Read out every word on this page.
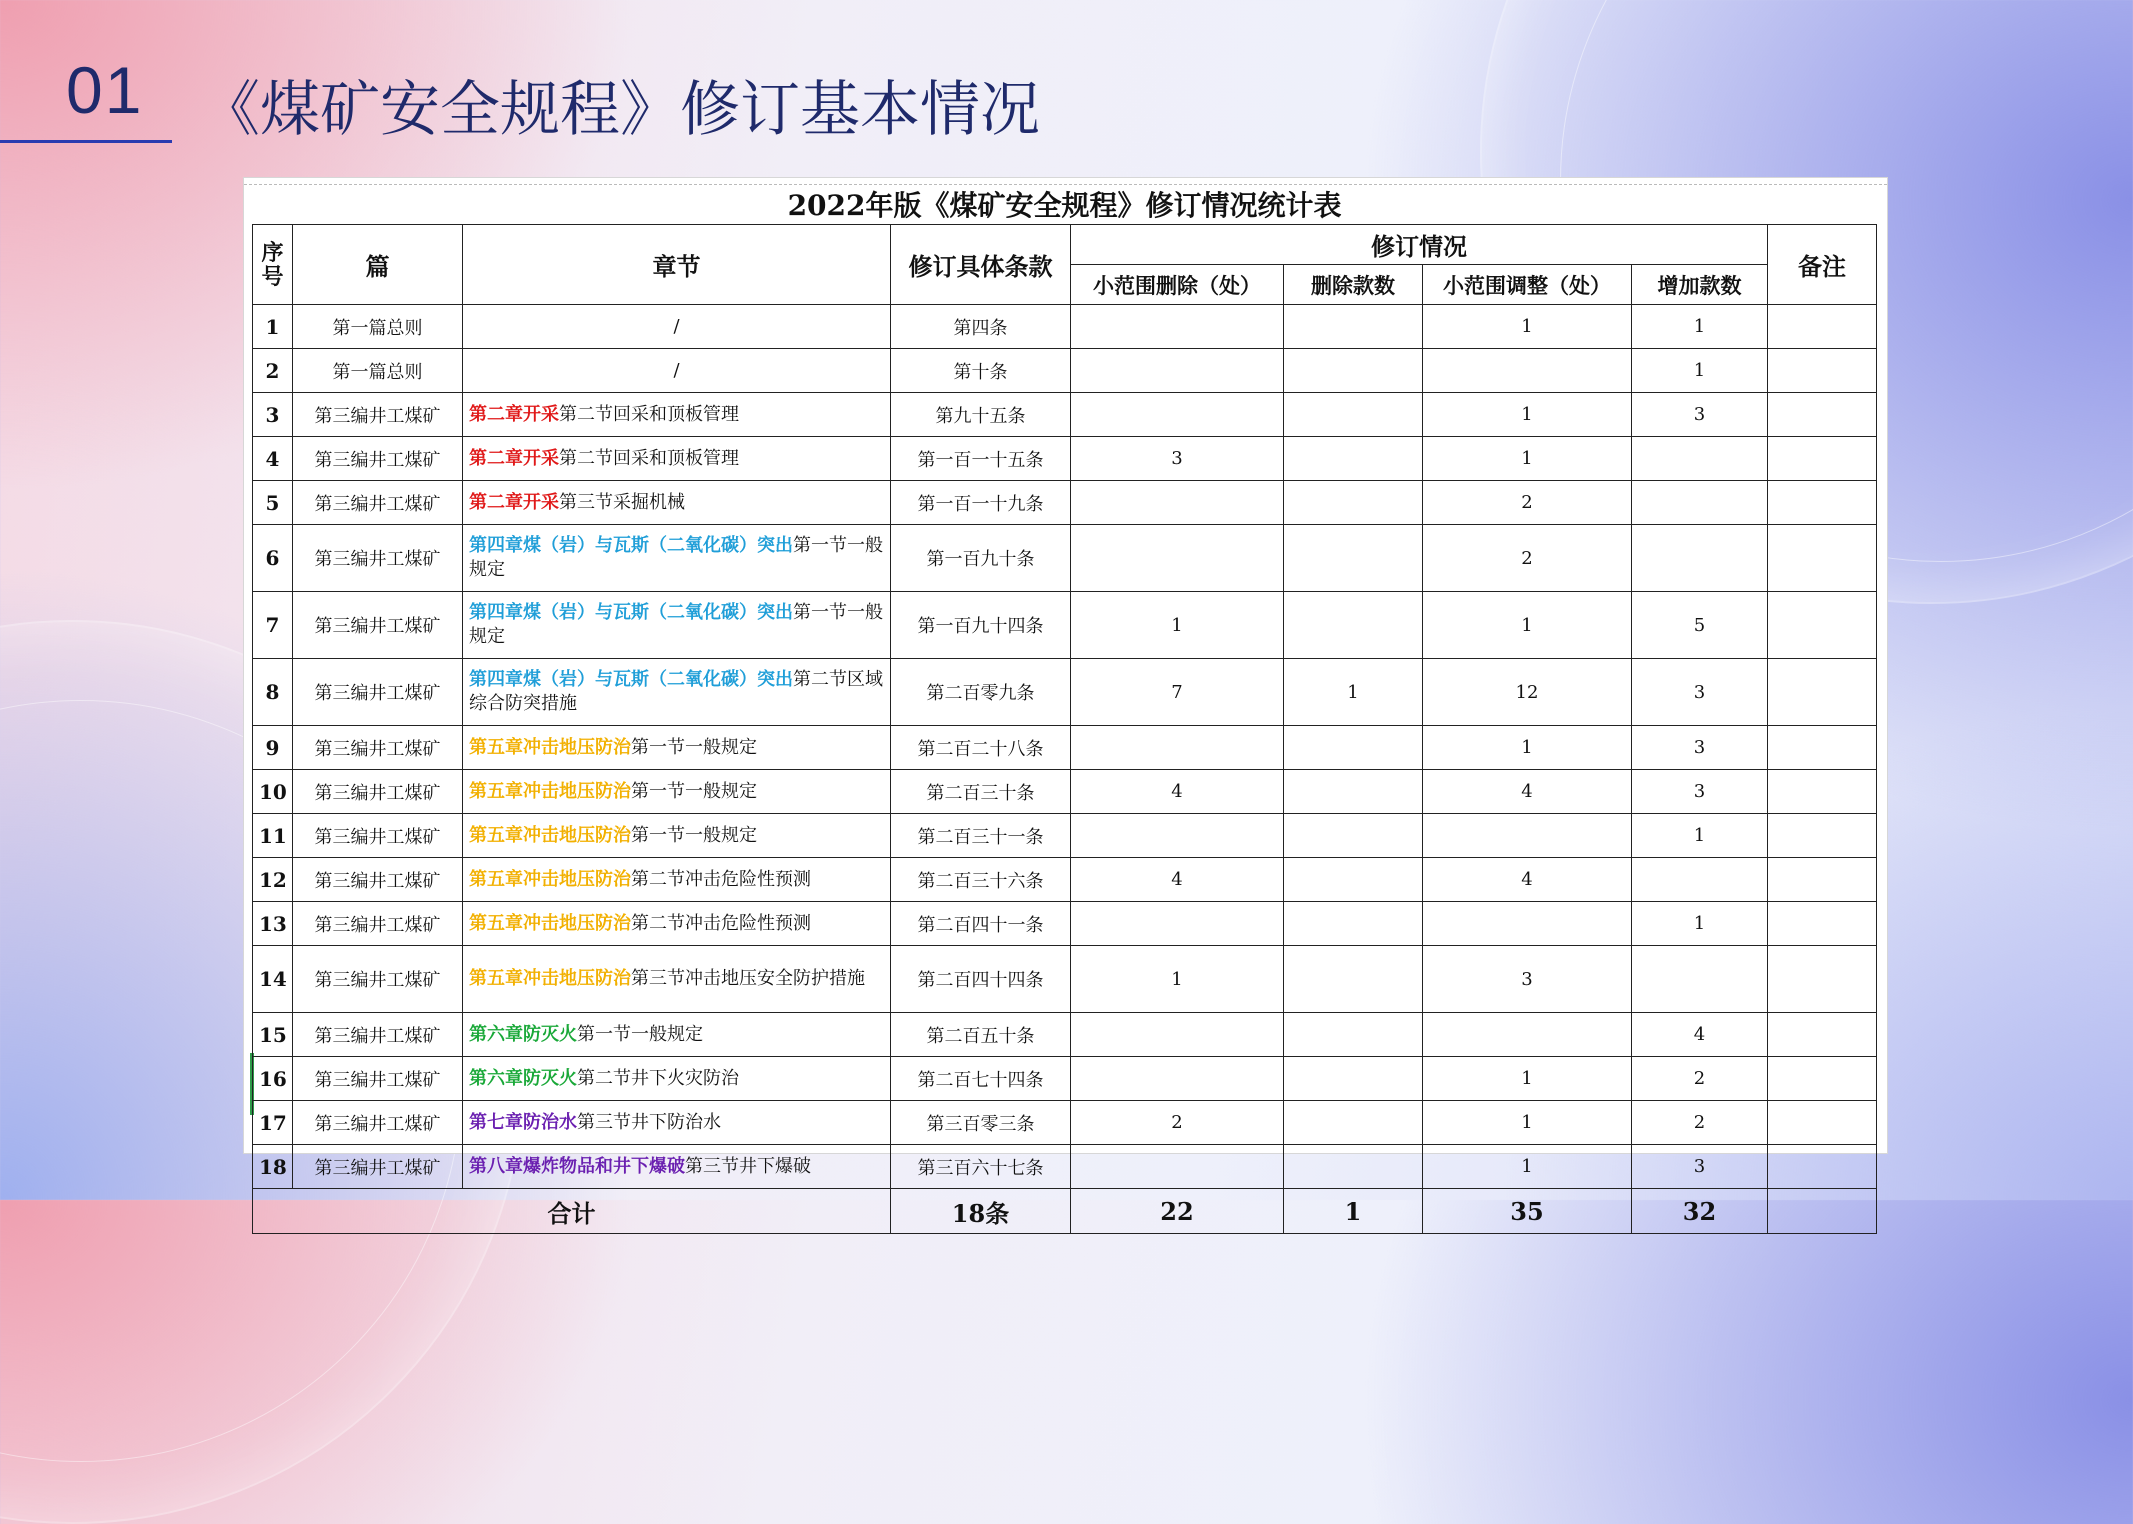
01 《煤矿安全规程》修订基本情况
2022年版《煤矿安全规程》修订情况统计表								
序号	篇	章节	修订具体条款	修订情况				备注
				小范围删除（处）	删除款数	小范围调整（处）	增加款数	
1	第一篇总则	/	第四条			1	1	
2	第一篇总则	/	第十条				1	
3	第三编井工煤矿	第二章开采第二节回采和顶板管理	第九十五条			1	3	
4	第三编井工煤矿	第二章开采第二节回采和顶板管理	第一百一十五条	3		1		
5	第三编井工煤矿	第二章开采第三节采掘机械	第一百一十九条			2		
6	第三编井工煤矿	第四章煤（岩）与瓦斯（二氧化碳）突出第一节一般规定	第一百九十条			2		
7	第三编井工煤矿	第四章煤（岩）与瓦斯（二氧化碳）突出第一节一般规定	第一百九十四条	1		1	5	
8	第三编井工煤矿	第四章煤（岩）与瓦斯（二氧化碳）突出第二节区域综合防突措施	第二百零九条	7	1	12	3	
9	第三编井工煤矿	第五章冲击地压防治第一节一般规定	第二百二十八条			1	3	
10	第三编井工煤矿	第五章冲击地压防治第一节一般规定	第二百三十条	4		4	3	
11	第三编井工煤矿	第五章冲击地压防治第一节一般规定	第二百三十一条				1	
12	第三编井工煤矿	第五章冲击地压防治第二节冲击危险性预测	第二百三十六条	4		4		
13	第三编井工煤矿	第五章冲击地压防治第二节冲击危险性预测	第二百四十一条				1	
14	第三编井工煤矿	第五章冲击地压防治第三节冲击地压安全防护措施	第二百四十四条	1		3		
15	第三编井工煤矿	第六章防灭火第一节一般规定	第二百五十条				4	
16	第三编井工煤矿	第六章防灭火第二节井下火灾防治	第二百七十四条			1	2	
17	第三编井工煤矿	第七章防治水第三节井下防治水	第三百零三条	2		1	2	
18	第三编井工煤矿	第八章爆炸物品和井下爆破第三节井下爆破	第三百六十七条			1	3	
合计			18条	22	1	35	32	
